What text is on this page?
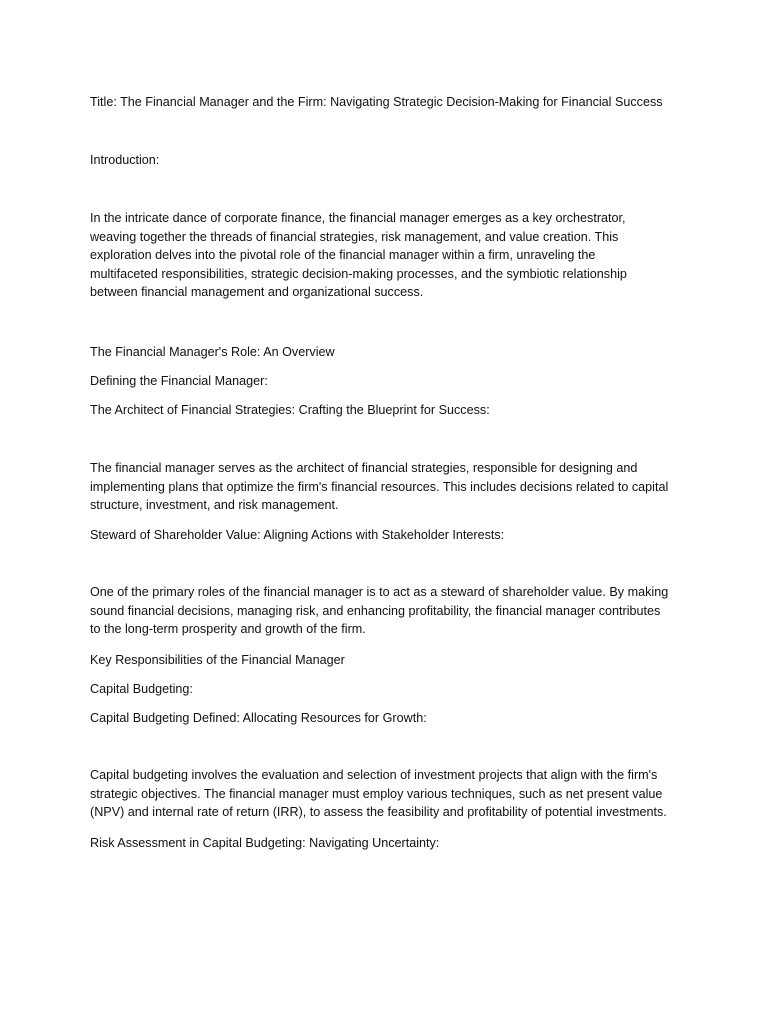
Title: The Financial Manager and the Firm: Navigating Strategic Decision-Making for Financial Success

Introduction:

In the intricate dance of corporate finance, the financial manager emerges as a key orchestrator,
weaving together the threads of financial strategies, risk management, and value creation. This
exploration delves into the pivotal role of the financial manager within a firm, unraveling the
multifaceted responsibilities, strategic decision-making processes, and the symbiotic relationship
between financial management and organizational success.

The Financial Manager's Role: An Overview

Defining the Financial Manager:

The Architect of Financial Strategies: Crafting the Blueprint for Success:

The financial manager serves as the architect of financial strategies, responsible for designing and
implementing plans that optimize the firm's financial resources. This includes decisions related to capital
structure, investment, and risk management.

Steward of Shareholder Value: Aligning Actions with Stakeholder Interests:

One of the primary roles of the financial manager is to act as a steward of shareholder value. By making
sound financial decisions, managing risk, and enhancing profitability, the financial manager contributes
to the long-term prosperity and growth of the firm.

Key Responsibilities of the Financial Manager

Capital Budgeting:

Capital Budgeting Defined: Allocating Resources for Growth:

Capital budgeting involves the evaluation and selection of investment projects that align with the firm's
strategic objectives. The financial manager must employ various techniques, such as net present value
(NPV) and internal rate of return (IRR), to assess the feasibility and profitability of potential investments.

Risk Assessment in Capital Budgeting: Navigating Uncertainty:
